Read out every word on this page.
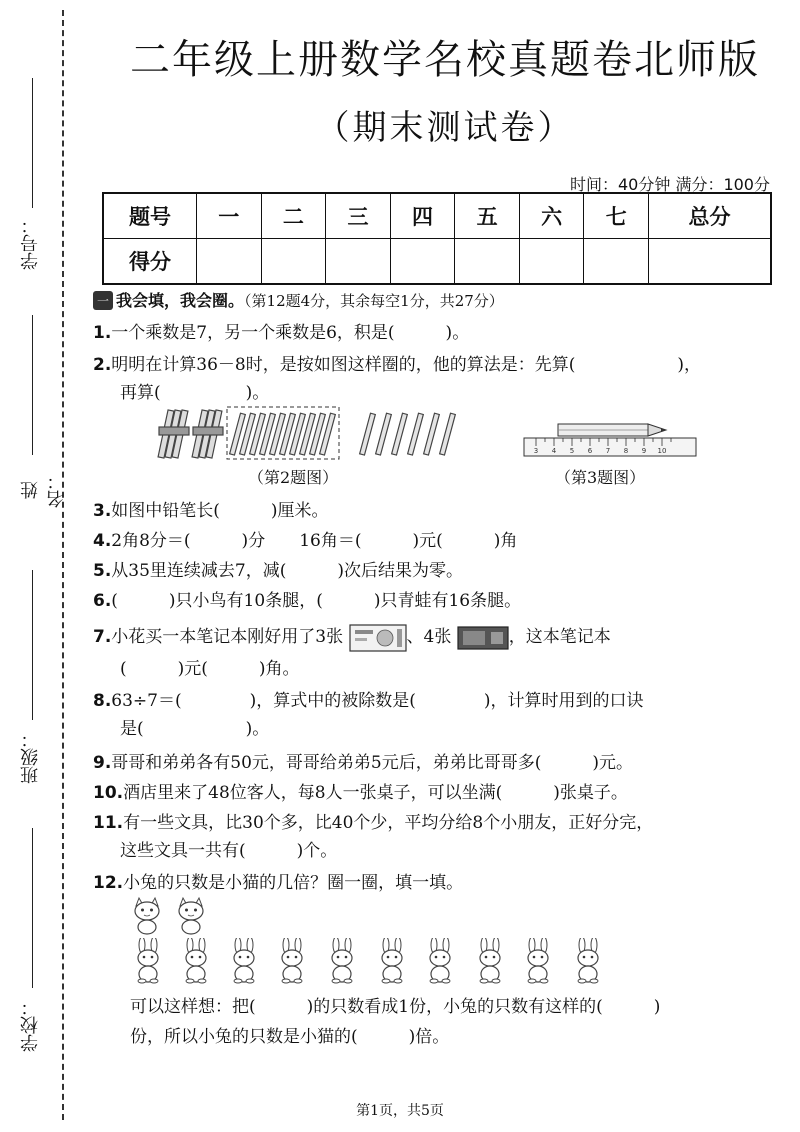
学号：
姓名：
班级：
学校：
二年级上册数学名校真题卷北师版
（期末测试卷）
时间：40分钟 满分：100分
题号	一	二	三	四	五	六	七	总分
得分								
一 我会填，我会圈。（第12题4分，其余每空1分，共27分）
1.一个乘数是7，另一个乘数是6，积是(　　　)。
2.明明在计算36－8时，是按如图这样圈的，他的算法是：先算(　　　　　　)，
再算(　　　　　)。
（第2题图）
3 4 5 6 7 8 9 10
（第3题图）
3.如图中铅笔长(　　　)厘米。
4.2角8分＝(　　　)分　　16角＝(　　　)元(　　　)角
5.从35里连续减去7，减(　　　)次后结果为零。
6.(　　　)只小鸟有10条腿，(　　　)只青蛙有16条腿。
7.小花买一本笔记本刚好用了3张	、4张	，这本笔记本
(　　　)元(　　　)角。
8.63÷7＝(　　　　)，算式中的被除数是(　　　　)，计算时用到的口诀
是(　　　　　　)。
9.哥哥和弟弟各有50元，哥哥给弟弟5元后，弟弟比哥哥多(　　　)元。
10.酒店里来了48位客人，每8人一张桌子，可以坐满(　　　)张桌子。
11.有一些文具，比30个多，比40个少，平均分给8个小朋友，正好分完，
这些文具一共有(　　　)个。
12.小兔的只数是小猫的几倍？圈一圈，填一填。
可以这样想：把(　　　)的只数看成1份，小兔的只数有这样的(　　　)
份，所以小兔的只数是小猫的(　　　)倍。
第1页，共5页
